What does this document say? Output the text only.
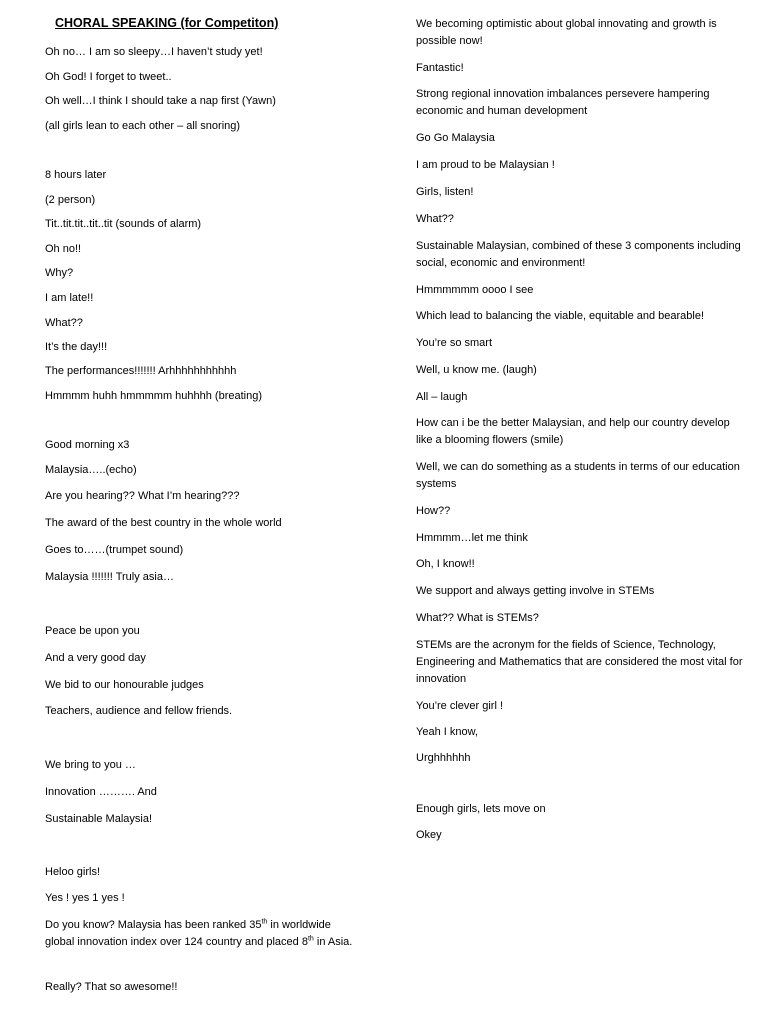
CHORAL SPEAKING (for Competiton)
Oh no… I am so sleepy…I haven’t study yet!
Oh God! I forget to tweet..
Oh well…I think I should take a nap first (Yawn)
(all girls lean to each other – all snoring)
8 hours later
(2 person)
Tit..tit.tit..tit..tit (sounds of alarm)
Oh no!!
Why?
I am late!!
What??
It’s the day!!!
The performances!!!!!!! Arhhhhhhhhhhh
Hmmmm huhh hmmmmm huhhhh (breating)
Good morning x3
Malaysia…..(echo)
Are you hearing?? What I’m hearing???
The award of the best country in the whole world
Goes to……(trumpet sound)
Malaysia !!!!!!! Truly asia…
Peace be upon you
And a very good day
We bid to our honourable judges
Teachers, audience and fellow friends.
We bring to you …
Innovation ………. And
Sustainable Malaysia!
Heloo girls!
Yes ! yes 1 yes !
Do you know? Malaysia has been ranked 35th in worldwide global innovation index over 124 country and placed 8th in Asia.
Really? That so awesome!!
We becoming optimistic about global innovating and growth is possible now!
Fantastic!
Strong regional innovation imbalances persevere hampering economic and human development
Go Go Malaysia
I am proud to be Malaysian !
Girls, listen!
What??
Sustainable Malaysian, combined of these 3 components including social, economic and environment!
Hmmmmmm oooo I see
Which lead to balancing the viable, equitable and bearable!
You’re so smart
Well, u know me. (laugh)
All – laugh
How can i be the better Malaysian, and help our country develop like a blooming flowers (smile)
Well, we can do something as a students in terms of our education systems
How??
Hmmmm…let me think
Oh, I know!!
We support and always getting involve in STEMs
What?? What is STEMs?
STEMs are the acronym for the fields of Science, Technology, Engineering and Mathematics that are considered the most vital for innovation
You’re clever girl !
Yeah I know,
Urghhhhhh
Enough girls, lets move on
Okey
